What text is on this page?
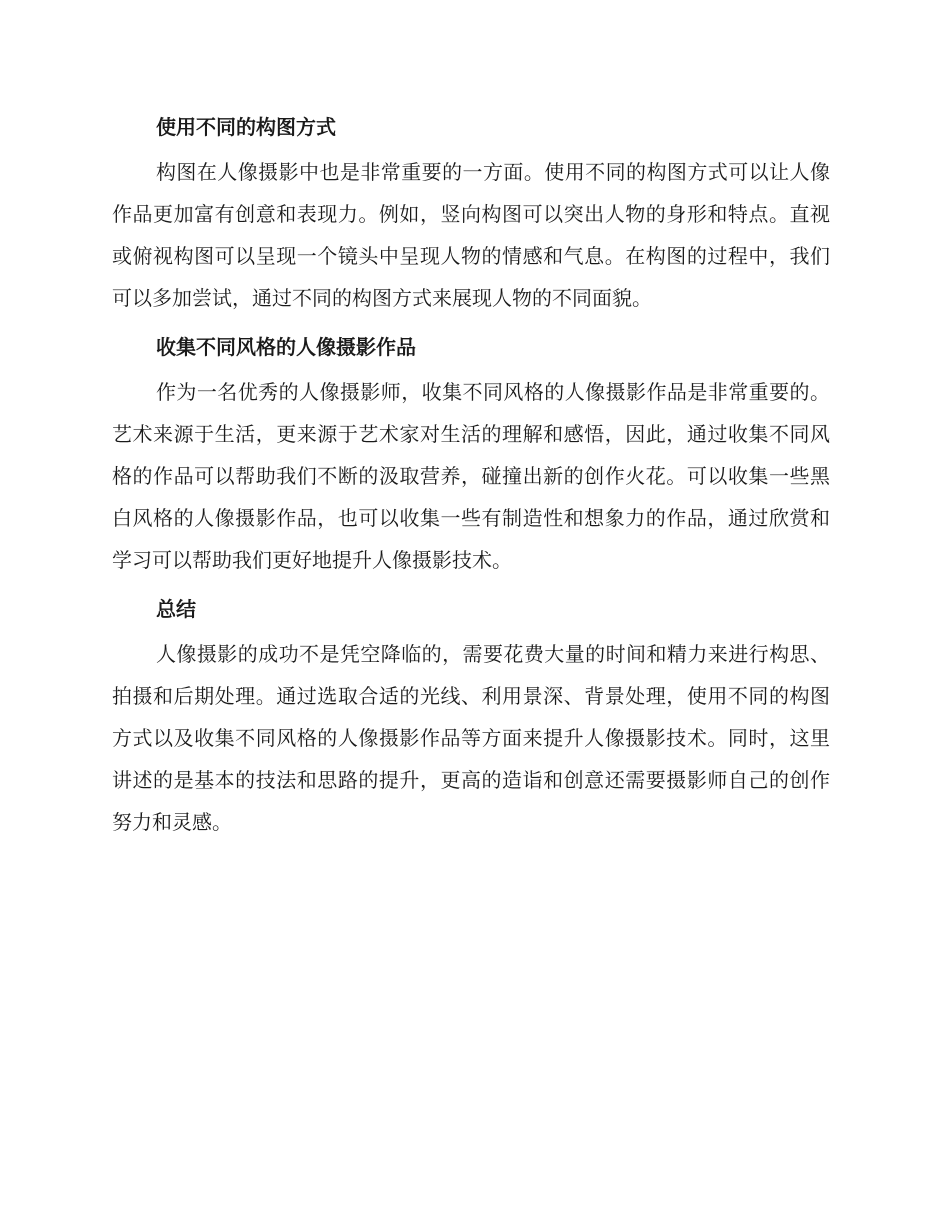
使用不同的构图方式

构图在人像摄影中也是非常重要的一方面。使用不同的构图方式可以让人像作品更加富有创意和表现力。例如，竖向构图可以突出人物的身形和特点。直视或俯视构图可以呈现一个镜头中呈现人物的情感和气息。在构图的过程中，我们可以多加尝试，通过不同的构图方式来展现人物的不同面貌。

收集不同风格的人像摄影作品

作为一名优秀的人像摄影师，收集不同风格的人像摄影作品是非常重要的。艺术来源于生活，更来源于艺术家对生活的理解和感悟，因此，通过收集不同风格的作品可以帮助我们不断的汲取营养，碰撞出新的创作火花。可以收集一些黑白风格的人像摄影作品，也可以收集一些有制造性和想象力的作品，通过欣赏和学习可以帮助我们更好地提升人像摄影技术。

总结

人像摄影的成功不是凭空降临的，需要花费大量的时间和精力来进行构思、拍摄和后期处理。通过选取合适的光线、利用景深、背景处理，使用不同的构图方式以及收集不同风格的人像摄影作品等方面来提升人像摄影技术。同时，这里讲述的是基本的技法和思路的提升，更高的造诣和创意还需要摄影师自己的创作努力和灵感。
